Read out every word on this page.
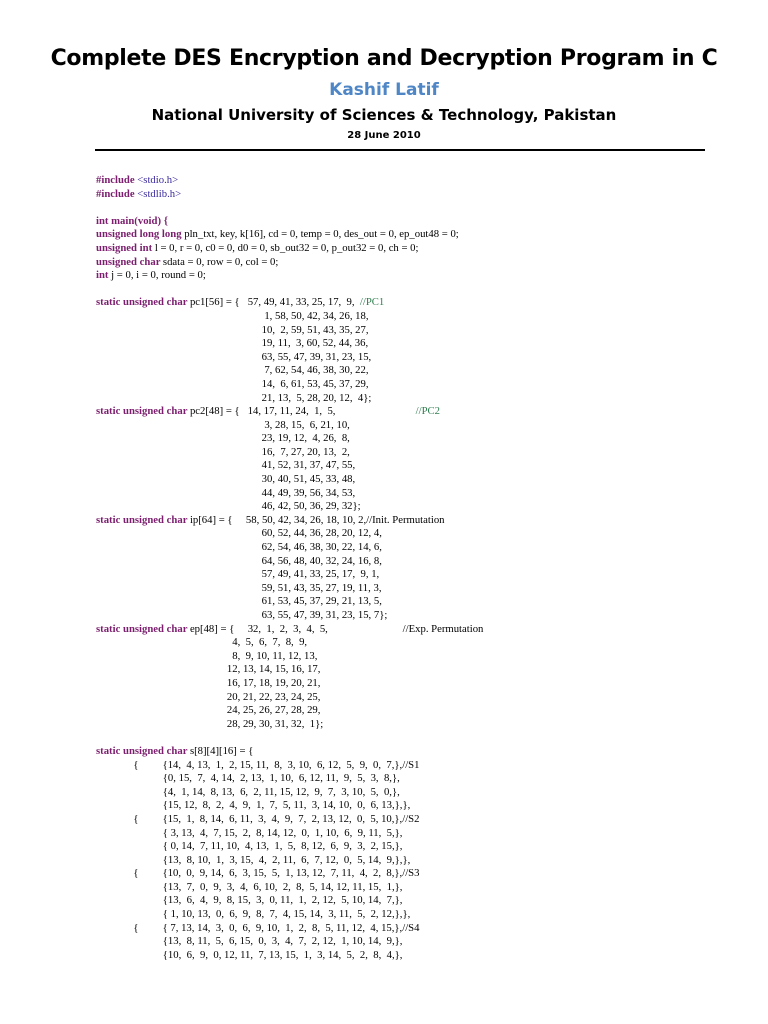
Complete DES Encryption and Decryption Program in C
Kashif Latif
National University of Sciences & Technology, Pakistan
28 June 2010
#include <stdio.h>
#include <stdlib.h>
int main(void) {
unsigned long long pln_txt, key, k[16], cd = 0, temp = 0, des_out = 0, ep_out48 = 0;
unsigned int l = 0, r = 0, c0 = 0, d0 = 0, sb_out32 = 0, p_out32 = 0, ch = 0;
unsigned char sdata = 0, row = 0, col = 0;
int j = 0, i = 0, round = 0;
static unsigned char pc1[56] = {   57, 49, 41, 33, 25, 17,  9,  //PC1
1, 58, 50, 42, 34, 26, 18,
10,  2, 59, 51, 43, 35, 27,
19, 11,  3, 60, 52, 44, 36,
63, 55, 47, 39, 31, 23, 15,
7, 62, 54, 46, 38, 30, 22,
14,  6, 61, 53, 45, 37, 29,
21, 13,  5, 28, 20, 12,  4};
static unsigned char pc2[48] = {   14, 17, 11, 24,  1,  5,                              //PC2
3, 28, 15,  6, 21, 10,
23, 19, 12,  4, 26,  8,
16,  7, 27, 20, 13,  2,
41, 52, 31, 37, 47, 55,
30, 40, 51, 45, 33, 48,
44, 49, 39, 56, 34, 53,
46, 42, 50, 36, 29, 32};
static unsigned char ip[64] = {     58, 50, 42, 34, 26, 18, 10, 2,//Init. Permutation
60, 52, 44, 36, 28, 20, 12, 4,
62, 54, 46, 38, 30, 22, 14, 6,
64, 56, 48, 40, 32, 24, 16, 8,
57, 49, 41, 33, 25, 17,  9, 1,
59, 51, 43, 35, 27, 19, 11, 3,
61, 53, 45, 37, 29, 21, 13, 5,
63, 55, 47, 39, 31, 23, 15, 7};
static unsigned char ep[48] = {     32,  1,  2,  3,  4,  5,                            //Exp. Permutation
4,  5,  6,  7,  8,  9,
8,  9, 10, 11, 12, 13,
12, 13, 14, 15, 16, 17,
16, 17, 18, 19, 20, 21,
20, 21, 22, 23, 24, 25,
24, 25, 26, 27, 28, 29,
28, 29, 30, 31, 32,  1};
static unsigned char s[8][4][16] = {
{         {14,  4, 13,  1,  2, 15, 11,  8,  3, 10,  6, 12,  5,  9,  0,  7,},//S1
{0, 15,  7,  4, 14,  2, 13,  1, 10,  6, 12, 11,  9,  5,  3,  8,},
{4,  1, 14,  8, 13,  6,  2, 11, 15, 12,  9,  7,  3, 10,  5,  0,},
{15, 12,  8,  2,  4,  9,  1,  7,  5, 11,  3, 14, 10,  0,  6, 13,},},
{         {15,  1,  8, 14,  6, 11,  3,  4,  9,  7,  2, 13, 12,  0,  5, 10,},//S2
{ 3, 13,  4,  7, 15,  2,  8, 14, 12,  0,  1, 10,  6,  9, 11,  5,},
{ 0, 14,  7, 11, 10,  4, 13,  1,  5,  8, 12,  6,  9,  3,  2, 15,},
{13,  8, 10,  1,  3, 15,  4,  2, 11,  6,  7, 12,  0,  5, 14,  9,},},
{         {10,  0,  9, 14,  6,  3, 15,  5,  1, 13, 12,  7, 11,  4,  2,  8,},//S3
{13,  7,  0,  9,  3,  4,  6, 10,  2,  8,  5, 14, 12, 11, 15,  1,},
{13,  6,  4,  9,  8, 15,  3,  0, 11,  1,  2, 12,  5, 10, 14,  7,},
{ 1, 10, 13,  0,  6,  9,  8,  7,  4, 15, 14,  3, 11,  5,  2, 12,},},
{         { 7, 13, 14,  3,  0,  6,  9, 10,  1,  2,  8,  5, 11, 12,  4, 15,},//S4
{13,  8, 11,  5,  6, 15,  0,  3,  4,  7,  2, 12,  1, 10, 14,  9,},
{10,  6,  9,  0, 12, 11,  7, 13, 15,  1,  3, 14,  5,  2,  8,  4,},
